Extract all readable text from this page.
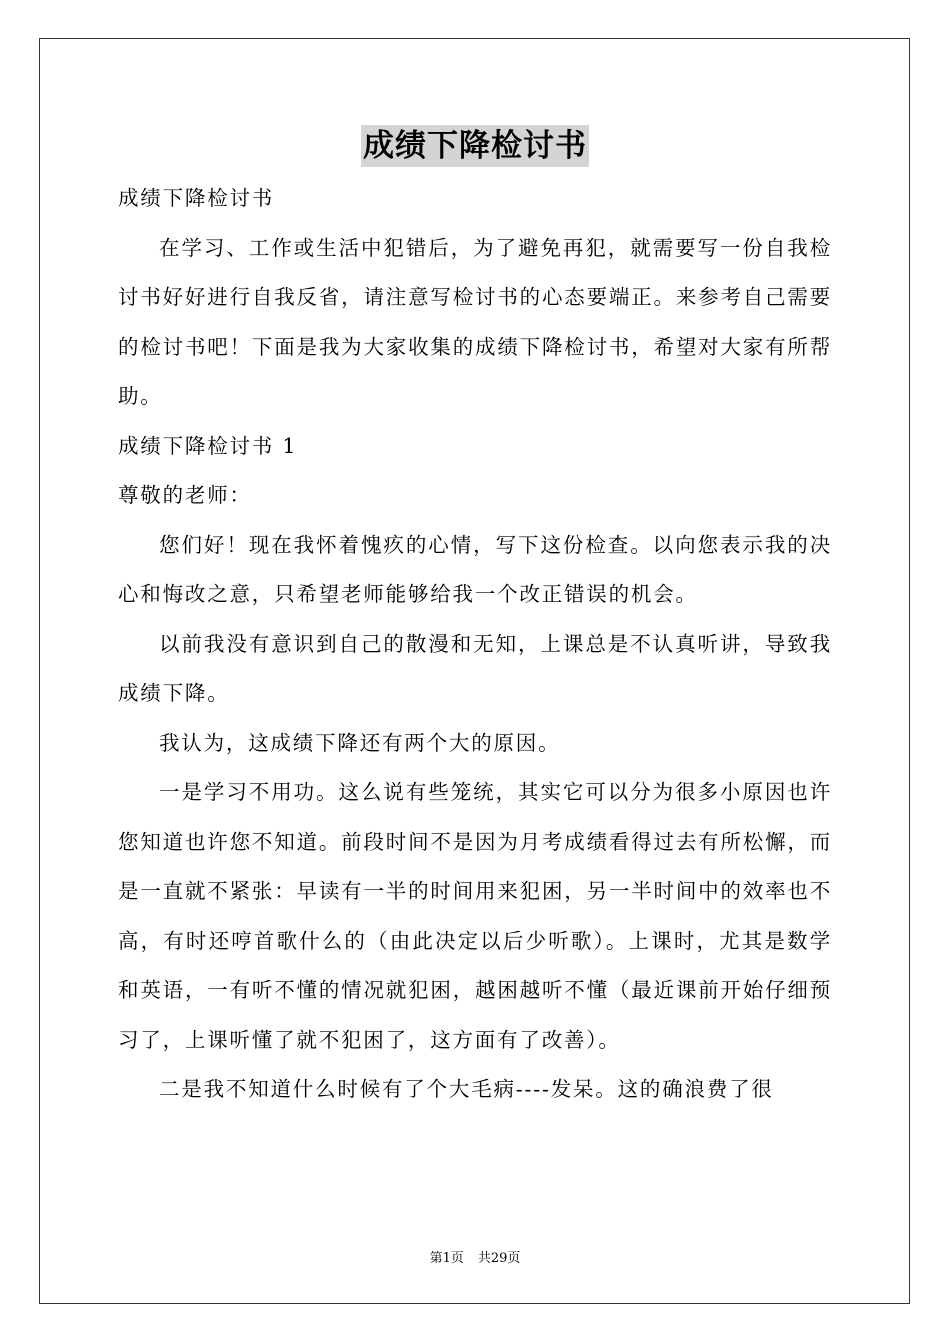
成绩下降检讨书

成绩下降检讨书

在学习、工作或生活中犯错后，为了避免再犯，就需要写一份自我检讨书好好进行自我反省，请注意写检讨书的心态要端正。来参考自己需要的检讨书吧！下面是我为大家收集的成绩下降检讨书，希望对大家有所帮助。

成绩下降检讨书 1

尊敬的老师：

您们好！现在我怀着愧疚的心情，写下这份检查。以向您表示我的决心和悔改之意，只希望老师能够给我一个改正错误的机会。

以前我没有意识到自己的散漫和无知，上课总是不认真听讲，导致我成绩下降。

我认为，这成绩下降还有两个大的原因。

一是学习不用功。这么说有些笼统，其实它可以分为很多小原因也许您知道也许您不知道。前段时间不是因为月考成绩看得过去有所松懈，而是一直就不紧张：早读有一半的时间用来犯困，另一半时间中的效率也不高，有时还哼首歌什么的（由此决定以后少听歌）。上课时，尤其是数学和英语，一有听不懂的情况就犯困，越困越听不懂（最近课前开始仔细预习了，上课听懂了就不犯困了，这方面有了改善）。

二是我不知道什么时候有了个大毛病----发呆。这的确浪费了很

第1页 共29页
